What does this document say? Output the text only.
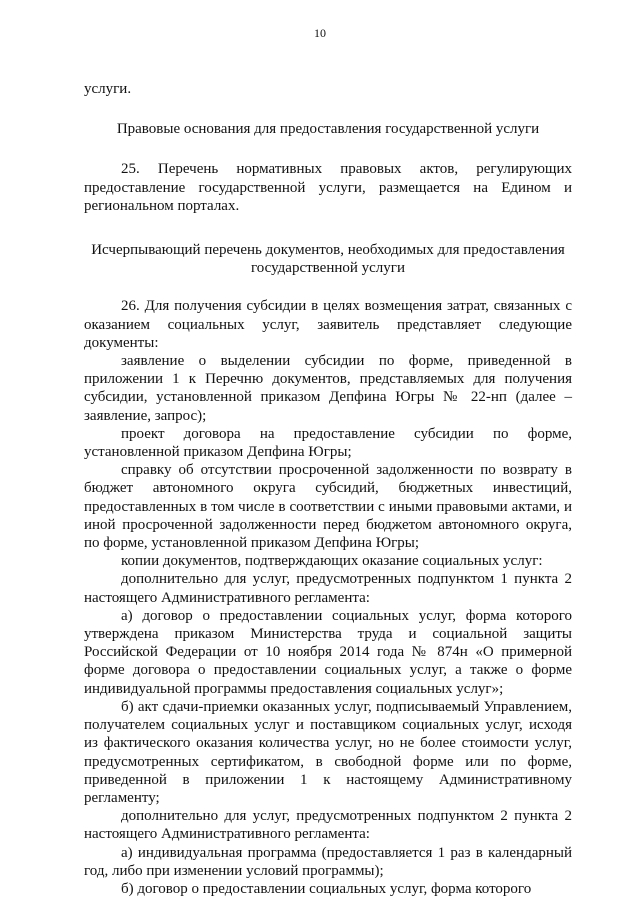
10

услуги.

Правовые основания для предоставления государственной услуги

25. Перечень нормативных правовых актов, регулирующих предоставление государственной услуги, размещается на Едином и региональном порталах.

Исчерпывающий перечень документов, необходимых для предоставления государственной услуги

26. Для получения субсидии в целях возмещения затрат, связанных с оказанием социальных услуг, заявитель представляет следующие документы:

заявление о выделении субсидии по форме, приведенной в приложении 1 к Перечню документов, представляемых для получения субсидии, установленной приказом Депфина Югры № 22-нп (далее – заявление, запрос);

проект договора на предоставление субсидии по форме, установленной приказом Депфина Югры;

справку об отсутствии просроченной задолженности по возврату в бюджет автономного округа субсидий, бюджетных инвестиций, предоставленных в том числе в соответствии с иными правовыми актами, и иной просроченной задолженности перед бюджетом автономного округа, по форме, установленной приказом Депфина Югры;

копии документов, подтверждающих оказание социальных услуг:

дополнительно для услуг, предусмотренных подпунктом 1 пункта 2 настоящего Административного регламента:

а) договор о предоставлении социальных услуг, форма которого утверждена приказом Министерства труда и социальной защиты Российской Федерации от 10 ноября 2014 года № 874н «О примерной форме договора о предоставлении социальных услуг, а также о форме индивидуальной программы предоставления социальных услуг»;

б) акт сдачи-приемки оказанных услуг, подписываемый Управлением, получателем социальных услуг и поставщиком социальных услуг, исходя из фактического оказания количества услуг, но не более стоимости услуг, предусмотренных сертификатом, в свободной форме или по форме, приведенной в приложении 1 к настоящему Административному регламенту;

дополнительно для услуг, предусмотренных подпунктом 2 пункта 2 настоящего Административного регламента:

а) индивидуальная программа (предоставляется 1 раз в календарный год, либо при изменении условий программы);

б) договор о предоставлении социальных услуг, форма которого
